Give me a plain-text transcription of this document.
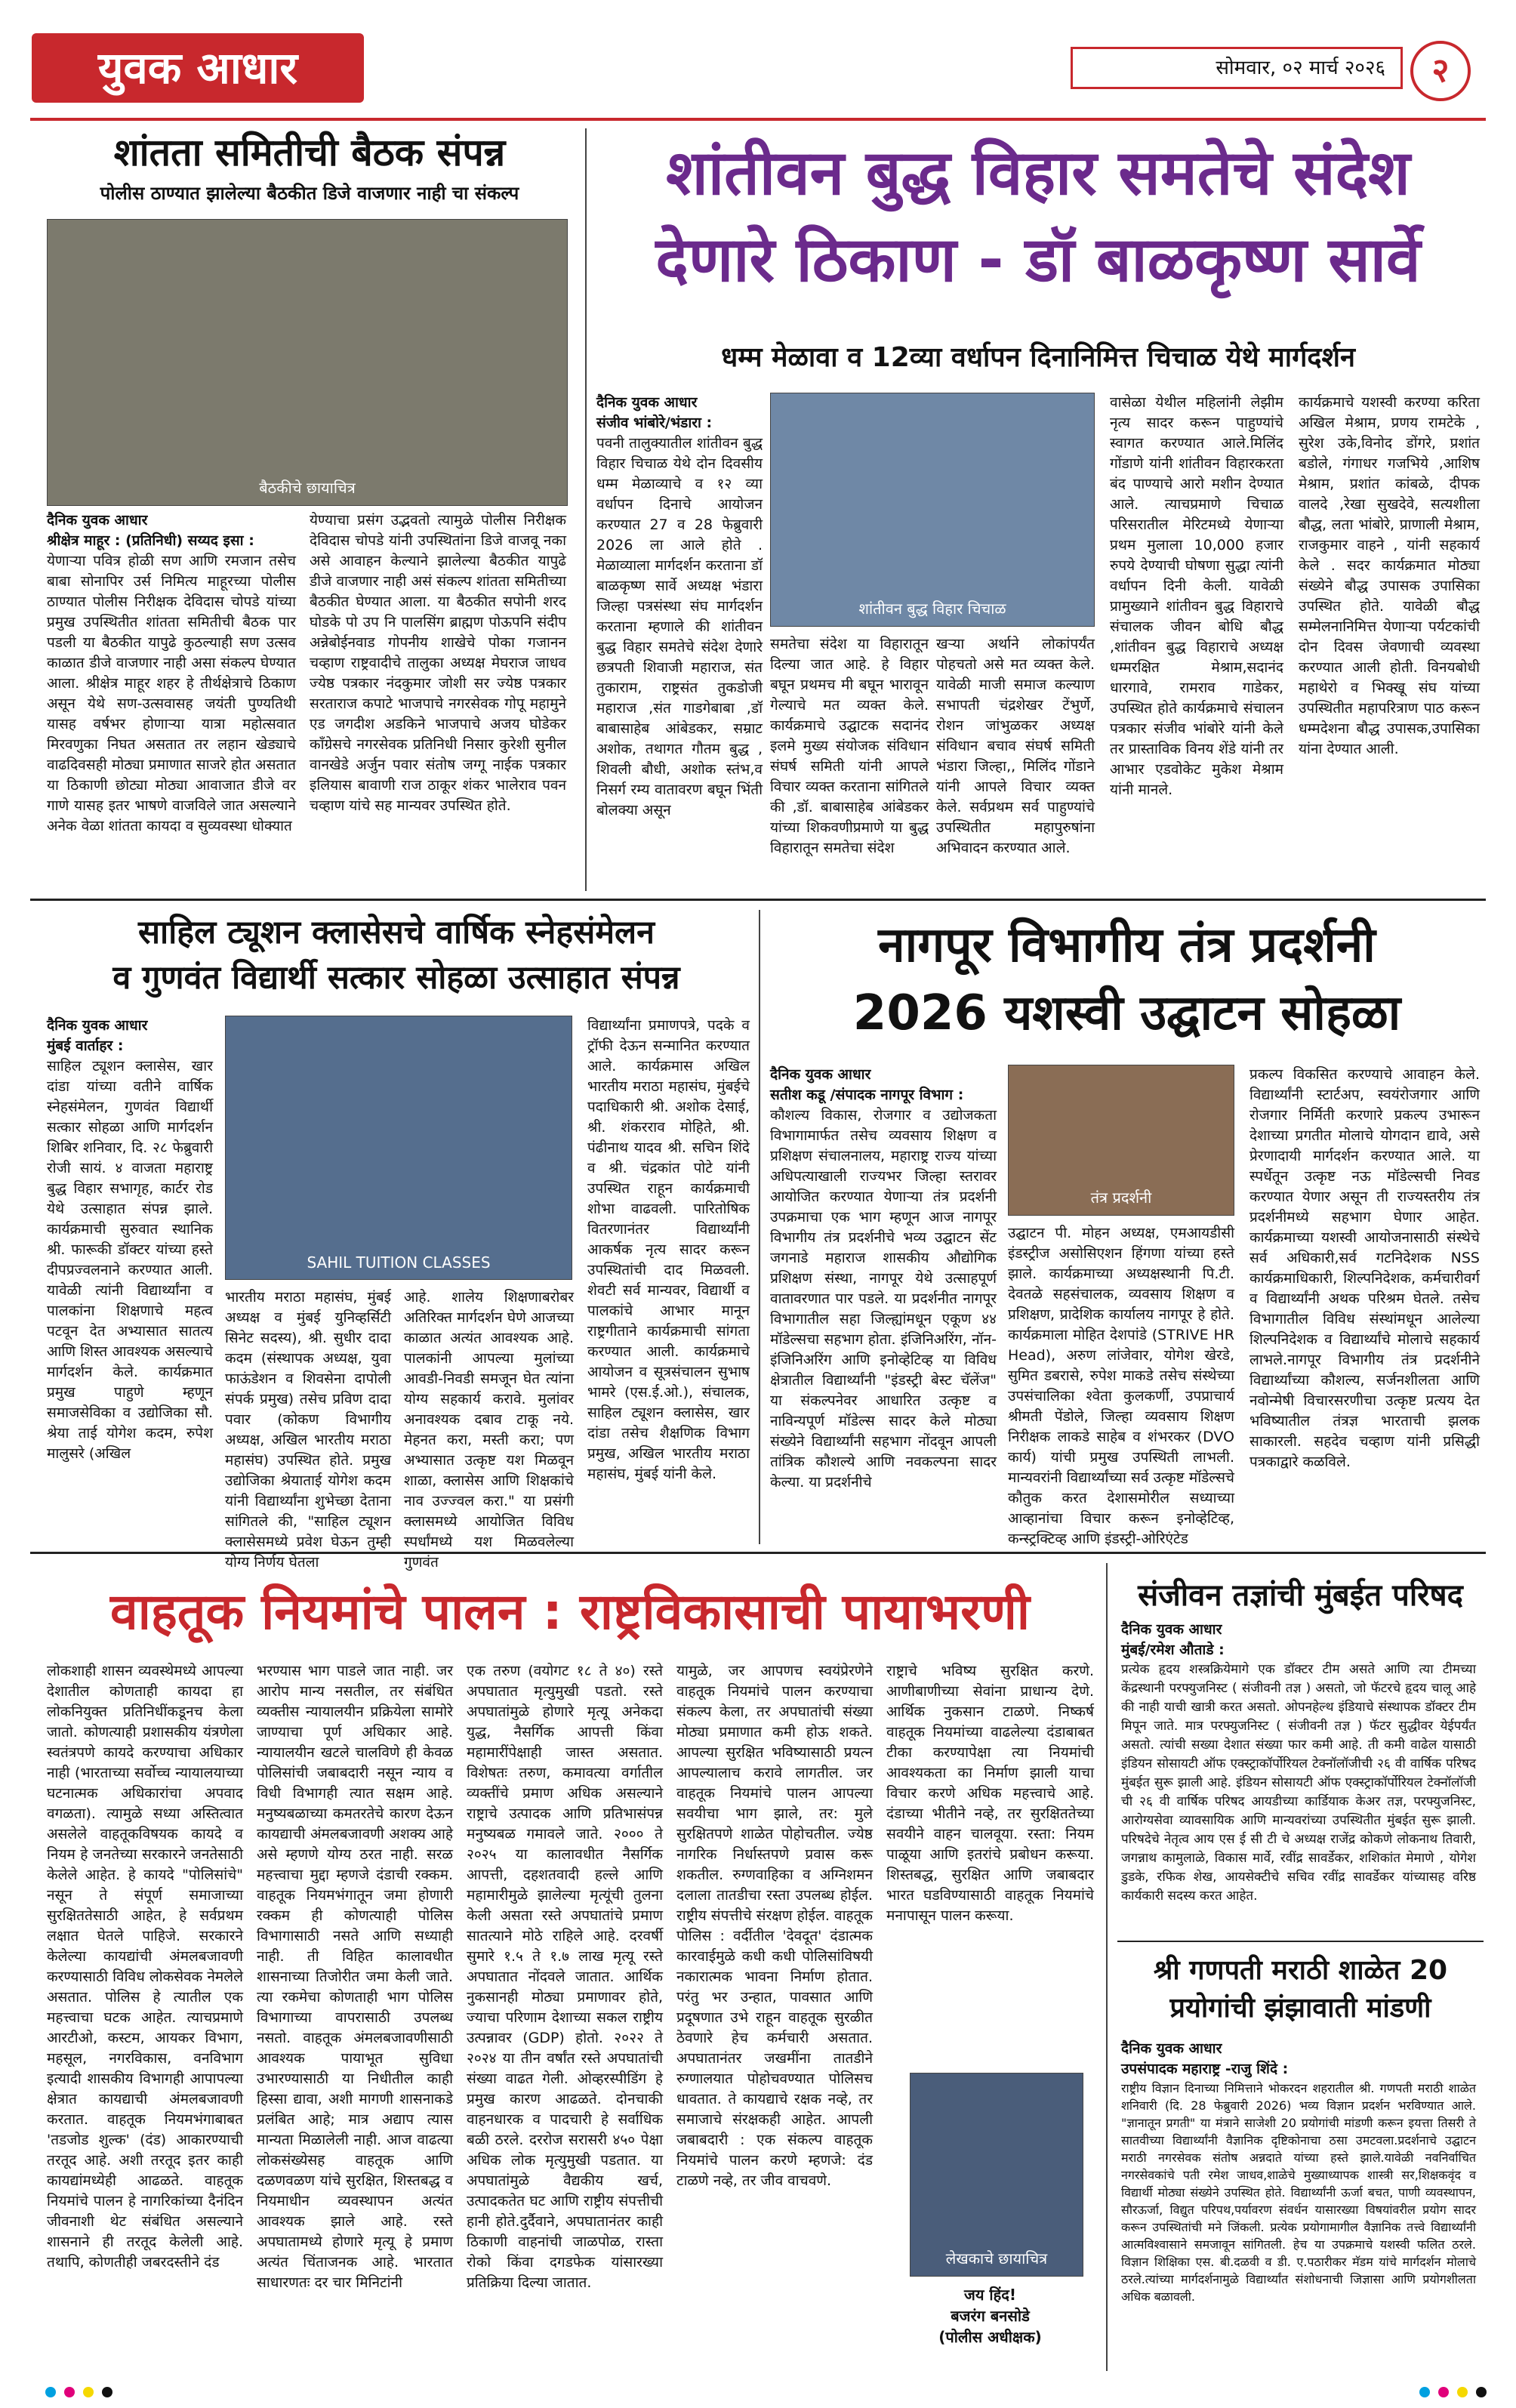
युवक आधार	सोमवार, ०२ मार्च २०२६	२
शांतता समितीची बैठक संपन्न
पोलीस ठाण्यात झालेल्या बैठकीत डिजे वाजणार नाही चा संकल्प
बैठकीचे छायाचित्र
दैनिक युवक आधार
श्रीक्षेत्र माहूर : (प्रतिनिधी) सय्यद इसा :

येणाऱ्या पवित्र होळी सण आणि रमजान तसेच बाबा सोनापिर उर्स निमित्य माहूरच्या पोलीस ठाण्यात पोलीस निरीक्षक देविदास चोपडे यांच्या प्रमुख उपस्थितीत शांतता समितीची बैठक पार पडली या बैठकीत यापुढे कुठल्याही सण उत्सव काळात डीजे वाजणार नाही असा संकल्प घेण्यात आला. श्रीक्षेत्र माहूर शहर हे तीर्थक्षेत्राचे ठिकाण असून येथे सण-उत्सवासह जयंती पुण्यतिथी यासह वर्षभर होणाऱ्या यात्रा महोत्सवात मिरवणुका निघत असतात तर लहान खेड्याचे वाढदिवसही मोठ्या प्रमाणात साजरे होत असतात या ठिकाणी छोट्या मोठ्या आवाजात डीजे वर गाणे यासह इतर भाषणे वाजविले जात असल्याने अनेक वेळा शांतता कायदा व सुव्यवस्था धोक्यात

येण्याचा प्रसंग उद्भवतो त्यामुळे पोलीस निरीक्षक देविदास चोपडे यांनी उपस्थितांना डिजे वाजवू नका असे आवाहन केल्याने झालेल्या बैठकीत यापुढे डीजे वाजणार नाही असं संकल्प शांतता समितीच्या बैठकीत घेण्यात आला. या बैठकीत सपोनी शरद घोडके पो उप नि पालसिंग ब्राह्मण पोऊपनि संदीप अन्नेबोईनवाड गोपनीय शाखेचे पोका गजानन चव्हाण राष्ट्रवादीचे तालुका अध्यक्ष मेघराज जाधव ज्येष्ठ पत्रकार नंदकुमार जोशी सर ज्येष्ठ पत्रकार सरताराज कपाटे भाजपाचे नगरसेवक गोपू महामुने एड जगदीश अडकिने भाजपाचे अजय घोडेकर काँग्रेसचे नगरसेवक प्रतिनिधी निसार कुरेशी सुनील वानखेडे अर्जुन पवार संतोष जग्गू नाईक पत्रकार इलियास बावाणी राज ठाकूर शंकर भालेराव पवन चव्हाण यांचे सह मान्यवर उपस्थित होते.

शांतीवन बुद्ध विहार समतेचे संदेश
देणारे ठिकाण - डॉ बाळकृष्ण सार्वे
धम्म मेळावा व 12व्या वर्धापन दिनानिमित्त चिचाळ येथे मार्गदर्शन
दैनिक युवक आधार
संजीव भांबोरे/भंडारा :

पवनी तालुक्यातील शांतीवन बुद्ध विहार चिचाळ येथे दोन दिवसीय धम्म मेळाव्याचे व १२ व्या वर्धापन दिनाचे आयोजन करण्यात 27 व 28 फेब्रुवारी 2026 ला आले होते . मेळाव्याला मार्गदर्शन करताना डॉ बाळकृष्ण सार्वे अध्यक्ष भंडारा जिल्हा पत्रसंस्था संघ मार्गदर्शन करताना म्हणाले की शांतीवन बुद्ध विहार समतेचे संदेश देणारे छत्रपती शिवाजी महाराज, संत तुकाराम, राष्ट्रसंत तुकडोजी महाराज ,संत गाडगेबाबा ,डॉ बाबासाहेब आंबेडकर, सम्राट अशोक, तथागत गौतम बुद्ध , शिवली बौधी, अशोक स्तंभ,व निसर्ग रम्य वातावरण बघून भिंती बोलक्या असून

शांतीवन बुद्ध विहार चिचाळ

समतेचा संदेश या विहारातून दिल्या जात आहे. हे विहार बघून प्रथमच मी बघून भारावून गेल्याचे मत व्यक्त केले. कार्यक्रमाचे उद्घाटक सदानंद इलमे मुख्य संयोजक संविधान संघर्ष समिती यांनी आपले विचार व्यक्त करताना सांगितले की ,डॉ. बाबासाहेब आंबेडकर यांच्या शिकवणीप्रमाणे या बुद्ध विहारातून समतेचा संदेश

खऱ्या अर्थाने लोकांपर्यंत पोहचतो असे मत व्यक्त केले. यावेळी माजी समाज कल्याण सभापती चंद्रशेखर टेंभुर्णे, रोशन जांभुळकर अध्यक्ष संविधान बचाव संघर्ष समिती भंडारा जिल्हा,, मिलिंद गोंडाने यांनी आपले विचार व्यक्त केले. सर्वप्रथम सर्व पाहुण्यांचे उपस्थितीत महापुरुषांना अभिवादन करण्यात आले.

वासेळा येथील महिलांनी लेझीम नृत्य सादर करून पाहुण्यांचे स्वागत करण्यात आले.मिलिंद गोंडाणे यांनी शांतीवन विहारकरता बंद पाण्याचे आरो मशीन देण्यात आले. त्याचप्रमाणे चिचाळ परिसरातील मेरिटमध्ये येणाऱ्या प्रथम मुलाला 10,000 हजार रुपये देण्याची घोषणा सुद्धा त्यांनी वर्धापन दिनी केली. यावेळी प्रामुख्याने शांतीवन बुद्ध विहाराचे संचालक जीवन बोधि बौद्ध ,शांतीवन बुद्ध विहाराचे अध्यक्ष धम्मरक्षित मेश्राम,सदानंद धारगावे, रामराव गाडेकर, उपस्थित होते कार्यक्रमाचे संचालन पत्रकार संजीव भांबोरे यांनी केले तर प्रास्ताविक विनय शेंडे यांनी तर आभार एडवोकेट मुकेश मेश्राम यांनी मानले.

कार्यक्रमाचे यशस्वी करण्या करिता अखिल मेश्राम, प्रणय रामटेके , सुरेश उके,विनोद डोंगरे, प्रशांत बडोले, गंगाधर गजभिये ,आशिष मेश्राम, प्रशांत कांबळे, दीपक वालदे ,रेखा सुखदेवे, सत्यशीला बौद्ध, लता भांबोरे, प्राणाली मेश्राम, राजकुमार वाहने , यांनी सहकार्य केले . सदर कार्यक्रमात मोठ्या संख्येने बौद्ध उपासक उपासिका उपस्थित होते. यावेळी बौद्ध सम्मेलनानिमित्त येणाऱ्या पर्यटकांची दोन दिवस जेवणाची व्यवस्था करण्यात आली होती. विनयबोधी महाथेरो व भिक्खू संघ यांच्या उपस्थितीत महापरित्राण पाठ करून धम्मदेशना बौद्ध उपासक,उपासिका यांना देण्यात आली.

साहिल ट्यूशन क्लासेसचे वार्षिक स्नेहसंमेलन
व गुणवंत विद्यार्थी सत्कार सोहळा उत्साहात संपन्न
दैनिक युवक आधार
मुंबई वार्ताहर :

साहिल ट्यूशन क्लासेस, खार दांडा यांच्या वतीने वार्षिक स्नेहसंमेलन, गुणवंत विद्यार्थी सत्कार सोहळा आणि मार्गदर्शन शिबिर शनिवार, दि. २८ फेब्रुवारी रोजी सायं. ४ वाजता महाराष्ट्र बुद्ध विहार सभागृह, कार्टर रोड येथे उत्साहात संपन्न झाले. कार्यक्रमाची सुरुवात स्थानिक श्री. फारूकी डॉक्टर यांच्या हस्ते दीपप्रज्वलनाने करण्यात आली. यावेळी त्यांनी विद्यार्थ्यांना व पालकांना शिक्षणाचे महत्व पटवून देत अभ्यासात सातत्य आणि शिस्त आवश्यक असल्याचे मार्गदर्शन केले. कार्यक्रमात प्रमुख पाहुणे म्हणून समाजसेविका व उद्योजिका सौ. श्रेया ताई योगेश कदम, रुपेश मालुसरे (अखिल

SAHIL TUITION CLASSES

भारतीय मराठा महासंघ, मुंबई अध्यक्ष व मुंबई युनिव्हर्सिटी सिनेट सदस्य), श्री. सुधीर दादा कदम (संस्थापक अध्यक्ष, युवा फाऊंडेशन व शिवसेना दापोली संपर्क प्रमुख) तसेच प्रविण दादा पवार (कोकण विभागीय अध्यक्ष, अखिल भारतीय मराठा महासंघ) उपस्थित होते. प्रमुख उद्योजिका श्रेयाताई योगेश कदम यांनी विद्यार्थ्यांना शुभेच्छा देताना सांगितले की, "साहिल ट्यूशन क्लासेसमध्ये प्रवेश घेऊन तुम्ही योग्य निर्णय घेतला

आहे. शालेय शिक्षणाबरोबर अतिरिक्त मार्गदर्शन घेणे आजच्या काळात अत्यंत आवश्यक आहे. पालकांनी आपल्या मुलांच्या आवडी-निवडी समजून घेत त्यांना योग्य सहकार्य करावे. मुलांवर अनावश्यक दबाव टाकू नये. मेहनत करा, मस्ती करा; पण अभ्यासात उत्कृष्ट यश मिळवून शाळा, क्लासेस आणि शिक्षकांचे नाव उज्ज्वल करा." या प्रसंगी क्लासमध्ये आयोजित विविध स्पर्धांमध्ये यश मिळवलेल्या गुणवंत

विद्यार्थ्यांना प्रमाणपत्रे, पदके व ट्रॉफी देऊन सन्मानित करण्यात आले. कार्यक्रमास अखिल भारतीय मराठा महासंघ, मुंबईचे पदाधिकारी श्री. अशोक देसाई, श्री. शंकरराव मोहिते, श्री. पंढीनाथ यादव श्री. सचिन शिंदे व श्री. चंद्रकांत पोटे यांनी उपस्थित राहून कार्यक्रमाची शोभा वाढवली. पारितोषिक वितरणानंतर विद्यार्थ्यांनी आकर्षक नृत्य सादर करून उपस्थितांची दाद मिळवली. शेवटी सर्व मान्यवर, विद्यार्थी व पालकांचे आभार मानून राष्ट्रगीताने कार्यक्रमाची सांगता करण्यात आली. कार्यक्रमाचे आयोजन व सूत्रसंचालन सुभाष भामरे (एस.ई.ओ.), संचालक, साहिल ट्यूशन क्लासेस, खार दांडा तसेच शैक्षणिक विभाग प्रमुख, अखिल भारतीय मराठा महासंघ, मुंबई यांनी केले.

नागपूर विभागीय तंत्र प्रदर्शनी
2026 यशस्वी उद्घाटन सोहळा
दैनिक युवक आधार
सतीश कडू /संपादक नागपूर विभाग :

कौशल्य विकास, रोजगार व उद्योजकता विभागामार्फत तसेच व्यवसाय शिक्षण व प्रशिक्षण संचालनालय, महाराष्ट्र राज्य यांच्या अधिपत्याखाली राज्यभर जिल्हा स्तरावर आयोजित करण्यात येणाऱ्या तंत्र प्रदर्शनी उपक्रमाचा एक भाग म्हणून आज नागपूर विभागीय तंत्र प्रदर्शनीचे भव्य उद्घाटन सेंट जगनाडे महाराज शासकीय औद्योगिक प्रशिक्षण संस्था, नागपूर येथे उत्साहपूर्ण वातावरणात पार पडले. या प्रदर्शनीत नागपूर विभागातील सहा जिल्ह्यांमधून एकूण ४४ मॉडेल्सचा सहभाग होता. इंजिनिअरिंग, नॉन- इंजिनिअरिंग आणि इनोव्हेटिव्ह या विविध क्षेत्रातील विद्यार्थ्यांनी "इंडस्ट्री बेस्ट चॅलेंज" या संकल्पनेवर आधारित उत्कृष्ट व नाविन्यपूर्ण मॉडेल्स सादर केले मोठ्या संख्येने विद्यार्थ्यांनी सहभाग नोंदवून आपली तांत्रिक कौशल्ये आणि नवकल्पना सादर केल्या. या प्रदर्शनीचे

तंत्र प्रदर्शनी

उद्घाटन पी. मोहन अध्यक्ष, एमआयडीसी इंडस्ट्रीज असोसिएशन हिंगणा यांच्या हस्ते झाले. कार्यक्रमाच्या अध्यक्षस्थानी पि.टी. देवतळे सहसंचालक, व्यवसाय शिक्षण व प्रशिक्षण, प्रादेशिक कार्यालय नागपूर हे होते. कार्यक्रमाला मोहित देशपांडे (STRIVE HR Head), अरुण लांजेवार, योगेश खेरडे, सुमित डबरासे, रुपेश माकडे तसेच संस्थेच्या उपसंचालिका श्वेता कुलकर्णी, उपप्राचार्य श्रीमती पेंडोले, जिल्हा व्यवसाय शिक्षण निरीक्षक लाकडे साहेब व शंभरकर (DVO कार्य) यांची प्रमुख उपस्थिती लाभली. मान्यवरांनी विद्यार्थ्यांच्या सर्व उत्कृष्ट मॉडेल्सचे कौतुक करत देशासमोरील सध्याच्या आव्हानांचा विचार करून इनोव्हेटिव्ह, कन्स्ट्रक्टिव्ह आणि इंडस्ट्री-ओरिएंटेड

प्रकल्प विकसित करण्याचे आवाहन केले. विद्यार्थ्यांनी स्टार्टअप, स्वयंरोजगार आणि रोजगार निर्मिती करणारे प्रकल्प उभारून देशाच्या प्रगतीत मोलाचे योगदान द्यावे, असे प्रेरणादायी मार्गदर्शन करण्यात आले. या स्पर्धेतून उत्कृष्ट नऊ मॉडेल्सची निवड करण्यात येणार असून ती राज्यस्तरीय तंत्र प्रदर्शनीमध्ये सहभाग घेणार आहेत. कार्यक्रमाच्या यशस्वी आयोजनासाठी संस्थेचे सर्व अधिकारी,सर्व गटनिदेशक NSS कार्यक्रमाधिकारी, शिल्पनिदेशक, कर्मचारीवर्ग व विद्यार्थ्यांनी अथक परिश्रम घेतले. तसेच विभागातील विविध संस्थांमधून आलेल्या शिल्पनिदेशक व विद्यार्थ्यांचे मोलाचे सहकार्य लाभले.नागपूर विभागीय तंत्र प्रदर्शनीने विद्यार्थ्यांच्या कौशल्य, सर्जनशीलता आणि नवोन्मेषी विचारसरणीचा उत्कृष्ट प्रत्यय देत भविष्यातील तंत्रज्ञ भारताची झलक साकारली. सहदेव चव्हाण यांनी प्रसिद्धी पत्रकाद्वारे कळविले.

वाहतूक नियमांचे पालन : राष्ट्रविकासाची पायाभरणी

लोकशाही शासन व्यवस्थेमध्ये आपल्या देशातील कोणताही कायदा हा लोकनियुक्त प्रतिनिधींकडूनच केला जातो. कोणत्याही प्रशासकीय यंत्रणेला स्वतंत्रपणे कायदे करण्याचा अधिकार नाही (भारताच्या सर्वोच्च न्यायालयाच्या घटनात्मक अधिकारांचा अपवाद वगळता). त्यामुळे सध्या अस्तित्वात असलेले वाहतूकविषयक कायदे व नियम हे जनतेच्या सरकारने जनतेसाठी केलेले आहेत. हे कायदे "पोलिसांचे" नसून ते संपूर्ण समाजाच्या सुरक्षिततेसाठी आहेत, हे सर्वप्रथम लक्षात घेतले पाहिजे. सरकारने केलेल्या कायद्यांची अंमलबजावणी करण्यासाठी विविध लोकसेवक नेमलेले असतात. पोलिस हे त्यातील एक महत्त्वाचा घटक आहेत. त्याचप्रमाणे आरटीओ, कस्टम, आयकर विभाग, महसूल, नगरविकास, वनविभाग इत्यादी शासकीय विभागही आपापल्या क्षेत्रात कायद्याची अंमलबजावणी करतात. वाहतूक नियमभंगाबाबत 'तडजोड शुल्क' (दंड) आकारण्याची तरतूद आहे. अशी तरतूद इतर काही कायद्यांमध्येही आढळते. वाहतूक नियमांचे पालन हे नागरिकांच्या दैनंदिन जीवनाशी थेट संबंधित असल्याने शासनाने ही तरतूद केलेली आहे. तथापि, कोणतीही जबरदस्तीने दंड

भरण्यास भाग पाडले जात नाही. जर आरोप मान्य नसतील, तर संबंधित व्यक्तीस न्यायालयीन प्रक्रियेला सामोरे जाण्याचा पूर्ण अधिकार आहे. न्यायालयीन खटले चालविणे ही केवळ पोलिसांची जबाबदारी नसून न्याय व विधी विभागही त्यात सक्षम आहे. मनुष्यबळाच्या कमतरतेचे कारण देऊन कायद्याची अंमलबजावणी अशक्य आहे असे म्हणणे योग्य ठरत नाही. सरळ महत्त्वाचा मुद्दा म्हणजे दंडाची रक्कम. वाहतूक नियमभंगातून जमा होणारी रक्कम ही कोणत्याही पोलिस विभागासाठी नसते आणि सध्याही नाही. ती विहित कालावधीत शासनाच्या तिजोरीत जमा केली जाते. त्या रकमेचा कोणताही भाग पोलिस विभागाच्या वापरासाठी उपलब्ध नसतो. वाहतूक अंमलबजावणीसाठी आवश्यक पायाभूत सुविधा उभारण्यासाठी या निधीतील काही हिस्सा द्यावा, अशी मागणी शासनाकडे प्रलंबित आहे; मात्र अद्याप त्यास मान्यता मिळालेली नाही. आज वाढत्या लोकसंख्येसह वाहतूक आणि दळणवळण यांचे सुरक्षित, शिस्तबद्ध व नियमाधीन व्यवस्थापन अत्यंत आवश्यक झाले आहे. रस्ते अपघातामध्ये होणारे मृत्यू हे प्रमाण अत्यंत चिंताजनक आहे. भारतात साधारणतः दर चार मिनिटांनी

एक तरुण (वयोगट १८ ते ४०) रस्ते अपघातात मृत्युमुखी पडतो. रस्ते अपघातांमुळे होणारे मृत्यू अनेकदा युद्ध, नैसर्गिक आपत्ती किंवा महामारींपेक्षाही जास्त असतात. विशेषतः तरुण, कमावत्या वर्गातील व्यक्तींचे प्रमाण अधिक असल्याने राष्ट्राचे उत्पादक आणि प्रतिभासंपन्न मनुष्यबळ गमावले जाते. २००० ते २०२५ या कालावधीत नैसर्गिक आपत्ती, दहशतवादी हल्ले आणि महामारीमुळे झालेल्या मृत्यूंची तुलना केली असता रस्ते अपघातांचे प्रमाण सातत्याने मोठे राहिले आहे. दरवर्षी सुमारे १.५ ते १.७ लाख मृत्यू रस्ते अपघातात नोंदवले जातात. आर्थिक नुकसानही मोठ्या प्रमाणावर होते, ज्याचा परिणाम देशाच्या सकल राष्ट्रीय उत्पन्नावर (GDP) होतो. २०२२ ते २०२४ या तीन वर्षांत रस्ते अपघातांची संख्या वाढत गेली. ओव्हरस्पीडिंग हे प्रमुख कारण आढळते. दोनचाकी वाहनधारक व पादचारी हे सर्वाधिक बळी ठरले. दररोज सरासरी ४५० पेक्षा अधिक लोक मृत्युमुखी पडतात. या अपघातांमुळे वैद्यकीय खर्च, उत्पादकतेत घट आणि राष्ट्रीय संपत्तीची हानी होते.दुर्दैवाने, अपघातानंतर काही ठिकाणी वाहनांची जाळपोळ, रास्ता रोको किंवा दगडफेक यांसारख्या प्रतिक्रिया दिल्या जातात.

यामुळे, जर आपणच स्वयंप्रेरणेने वाहतूक नियमांचे पालन करण्याचा संकल्प केला, तर अपघातांची संख्या मोठ्या प्रमाणात कमी होऊ शकते. आपल्या सुरक्षित भविष्यासाठी प्रयत्न आपल्यालाच करावे लागतील. जर वाहतूक नियमांचे पालन आपल्या सवयीचा भाग झाले, तर: मुले सुरक्षितपणे शाळेत पोहोचतील. ज्येष्ठ नागरिक निर्धास्तपणे प्रवास करू शकतील. रुग्णवाहिका व अग्निशमन दलाला तातडीचा रस्ता उपलब्ध होईल. राष्ट्रीय संपत्तीचे संरक्षण होईल. वाहतूक पोलिस : वर्दीतील 'देवदूत' दंडात्मक कारवाईमुळे कधी कधी पोलिसांविषयी नकारात्मक भावना निर्माण होतात. परंतु भर उन्हात, पावसात आणि प्रदूषणात उभे राहून वाहतूक सुरळीत ठेवणारे हेच कर्मचारी असतात. अपघातानंतर जखमींना तातडीने रुग्णालयात पोहोचवण्यात पोलिसच धावतात. ते कायद्याचे रक्षक नव्हे, तर समाजाचे संरक्षकही आहेत. आपली जबाबदारी : एक संकल्प वाहतूक नियमांचे पालन करणे म्हणजे: दंड टाळणे नव्हे, तर जीव वाचवणे.

राष्ट्राचे भविष्य सुरक्षित करणे. आणीबाणीच्या सेवांना प्राधान्य देणे. आर्थिक नुकसान टाळणे. निष्कर्ष वाहतूक नियमांच्या वाढलेल्या दंडाबाबत टीका करण्यापेक्षा त्या नियमांची आवश्यकता का निर्माण झाली याचा विचार करणे अधिक महत्त्वाचे आहे. दंडाच्या भीतीने नव्हे, तर सुरक्षिततेच्या सवयीने वाहन चालवूया. रस्ता: नियम पाळूया आणि इतरांचे प्रबोधन करूया. शिस्तबद्ध, सुरक्षित आणि जबाबदार भारत घडविण्यासाठी वाहतूक नियमांचे मनापासून पालन करूया.

लेखकाचे छायाचित्र
जय हिंद!
बजरंग बनसोडे
(पोलीस अधीक्षक)
संजीवन तज्ञांची मुंबईत परिषद
दैनिक युवक आधार
मुंबई/रमेश औताडे :

प्रत्येक हृदय शस्त्रक्रियेमागे एक डॉक्टर टीम असते आणि त्या टीमच्या केंद्रस्थानी परफ्युजनिस्ट ( संजीवनी तज्ञ ) असतो, जो फॅटरचे हृदय चालू आहे की नाही याची खात्री करत असतो. ओपनहेल्थ इंडियाचे संस्थापक डॉक्टर टीम मिपून जाते. मात्र परफ्युजनिस्ट ( संजीवनी तज्ञ ) फॅटर सुद्धीवर येईपर्यंत असतो. त्यांची सख्या देशात संख्या फार कमी आहे. ती कमी वाढेल यासाठी इंडियन सोसायटी ऑफ एक्स्ट्राकॉर्पोरियल टेक्नॉलॉजीची २६ वी वार्षिक परिषद मुंबईत सुरू झाली आहे. इंडियन सोसायटी ऑफ एक्स्ट्राकॉर्पोरियल टेक्नॉलॉजी ची २६ वी वार्षिक परिषद आयडीच्या कार्डियाक केअर तज्ञ, परफ्युजनिस्ट, आरोग्यसेवा व्यावसायिक आणि मान्यवरांच्या उपस्थितीत मुंबईत सुरू झाली. परिषदेचे नेतृत्व आय एस ई सी टी चे अध्यक्ष राजेंद्र कोकणे लोकनाथ तिवारी, जगन्नाथ कामुलाळे, विकास मार्वे, रवींद्र सावर्डेकर, शशिकांत मेमाणे , योगेश डुडके, रफिक शेख, आयसेक्टीचे सचिव रवींद्र सावर्डेकर यांच्यासह वरिष्ठ कार्यकारी सदस्य करत आहेत.

श्री गणपती मराठी शाळेत 20
प्रयोगांची झंझावाती मांडणी
दैनिक युवक आधार
उपसंपादक महाराष्ट्र -राजु शिंदे :

राष्ट्रीय विज्ञान दिनाच्या निमित्ताने भोकरदन शहरातील श्री. गणपती मराठी शाळेत शनिवारी (दि. 28 फेब्रुवारी 2026) भव्य विज्ञान प्रदर्शन भरविण्यात आले. "ज्ञानातून प्रगती" या मंत्राने साजेशी 20 प्रयोगांची मांडणी करून इयत्ता तिसरी ते सातवीच्या विद्यार्थ्यांनी वैज्ञानिक दृष्टिकोनाचा ठसा उमटवला.प्रदर्शनाचे उद्घाटन मराठी नगरसेवक संतोष अन्नदाते यांच्या हस्ते झाले.यावेळी नवनिर्वाचित नगरसेवकांचे पती रमेश जाधव,शाळेचे मुख्याध्यापक शास्त्री सर,शिक्षकवृंद व विद्यार्थी मोठ्या संख्येने उपस्थित होते. विद्यार्थ्यांनी ऊर्जा बचत, पाणी व्यवस्थापन, सौरऊर्जा, विद्युत परिपथ,पर्यावरण संवर्धन यासारख्या विषयांवरील प्रयोग सादर करून उपस्थितांची मने जिंकली. प्रत्येक प्रयोगामागील वैज्ञानिक तत्त्वे विद्यार्थ्यांनी आत्मविश्वासाने समजावून सांगितली. हेच या उपक्रमाचे यशस्वी फलित ठरले. विज्ञान शिक्षिका एस. बी.दळवी व डी. ए.पठारीकर मॅडम यांचे मार्गदर्शन मोलाचे ठरले.त्यांच्या मार्गदर्शनामुळे विद्यार्थ्यांत संशोधनाची जिज्ञासा आणि प्रयोगशीलता अधिक बळावली.
